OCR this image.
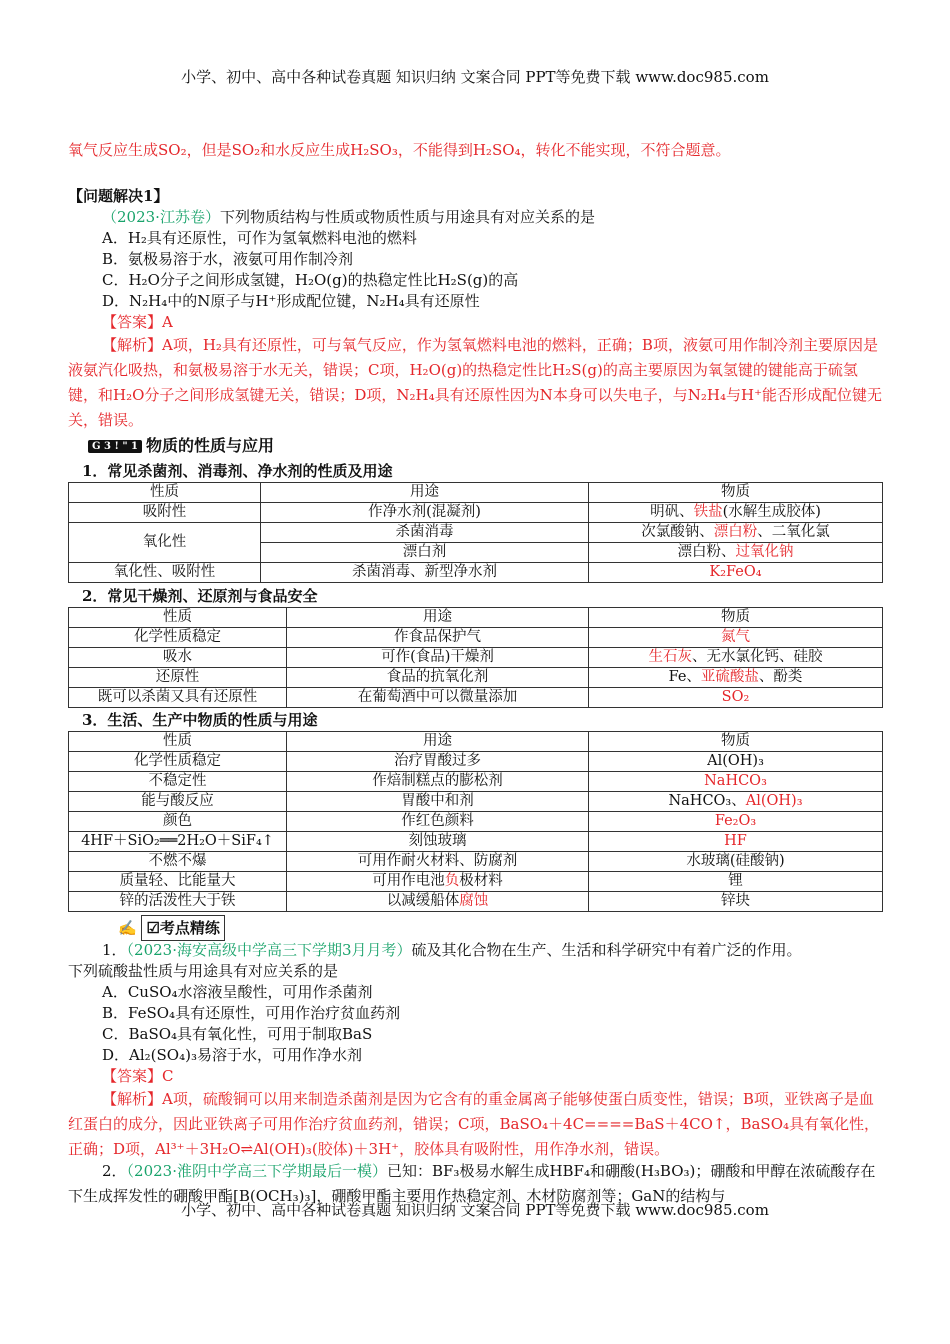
小学、初中、高中各种试卷真题 知识归纳 文案合同 PPT等免费下载 www.doc985.com

氧气反应生成SO₂，但是SO₂和水反应生成H₂SO₃，不能得到H₂SO₄，转化不能实现，不符合题意。

【问题解决1】

（2023·江苏卷）下列物质结构与性质或物质性质与用途具有对应关系的是

A．H₂具有还原性，可作为氢氧燃料电池的燃料

B．氨极易溶于水，液氨可用作制冷剂

C．H₂O分子之间形成氢键，H₂O(g)的热稳定性比H₂S(g)的高

D．N₂H₄中的N原子与H⁺形成配位键，N₂H₄具有还原性

【答案】A

【解析】A项，H₂具有还原性，可与氧气反应，作为氢氧燃料电池的燃料，正确；B项，液氨可用作制冷剂主要原因是液氨汽化吸热，和氨极易溶于水无关，错误；C项，H₂O(g)的热稳定性比H₂S(g)的高主要原因为氧氢键的键能高于硫氢键，和H₂O分子之间形成氢键无关，错误；D项，N₂H₄具有还原性因为N本身可以失电子，与N₂H₄与H⁺能否形成配位键无关，错误。

G 3 ! " 1 物质的性质与应用
1．常见杀菌剂、消毒剂、净水剂的性质及用途
性质	用途	物质
吸附性	作净水剂(混凝剂)	明矾、铁盐(水解生成胶体)
氧化性	杀菌消毒	次氯酸钠、漂白粉、二氧化氯
	漂白剂	漂白粉、过氧化钠
氧化性、吸附性	杀菌消毒、新型净水剂	K₂FeO₄
2．常见干燥剂、还原剂与食品安全
性质	用途	物质
化学性质稳定	作食品保护气	氮气
吸水	可作(食品)干燥剂	生石灰、无水氯化钙、硅胶
还原性	食品的抗氧化剂	Fe、亚硫酸盐、酚类
既可以杀菌又具有还原性	在葡萄酒中可以微量添加	SO₂
3．生活、生产中物质的性质与用途
性质	用途	物质
化学性质稳定	治疗胃酸过多	Al(OH)₃
不稳定性	作焙制糕点的膨松剂	NaHCO₃
能与酸反应	胃酸中和剂	NaHCO₃、Al(OH)₃
颜色	作红色颜料	Fe₂O₃
4HF＋SiO₂══2H₂O＋SiF₄↑	刻蚀玻璃	HF
不燃不爆	可用作耐火材料、防腐剂	水玻璃(硅酸钠)
质量轻、比能量大	可用作电池负极材料	锂
锌的活泼性大于铁	以减缓船体腐蚀	锌块
✍ ☑考点精练

1．（2023·海安高级中学高三下学期3月月考）硫及其化合物在生产、生活和科学研究中有着广泛的作用。

下列硫酸盐性质与用途具有对应关系的是

A．CuSO₄水溶液呈酸性，可用作杀菌剂

B．FeSO₄具有还原性，可用作治疗贫血药剂

C．BaSO₄具有氧化性，可用于制取BaS

D．Al₂(SO₄)₃易溶于水，可用作净水剂

【答案】C

【解析】A项，硫酸铜可以用来制造杀菌剂是因为它含有的重金属离子能够使蛋白质变性，错误；B项，亚铁离子是血红蛋白的成分，因此亚铁离子可用作治疗贫血药剂，错误；C项，BaSO₄＋4C====BaS＋4CO↑，BaSO₄具有氧化性，正确；D项，Al³⁺＋3H₂O⇌Al(OH)₃(胶体)＋3H⁺，胶体具有吸附性，用作净水剂，错误。

2．（2023·淮阴中学高三下学期最后一模）已知：BF₃极易水解生成HBF₄和硼酸(H₃BO₃)；硼酸和甲醇在浓硫酸存在下生成挥发性的硼酸甲酯[B(OCH₃)₃]，硼酸甲酯主要用作热稳定剂、木材防腐剂等；GaN的结构与

小学、初中、高中各种试卷真题 知识归纳 文案合同 PPT等免费下载 www.doc985.com
